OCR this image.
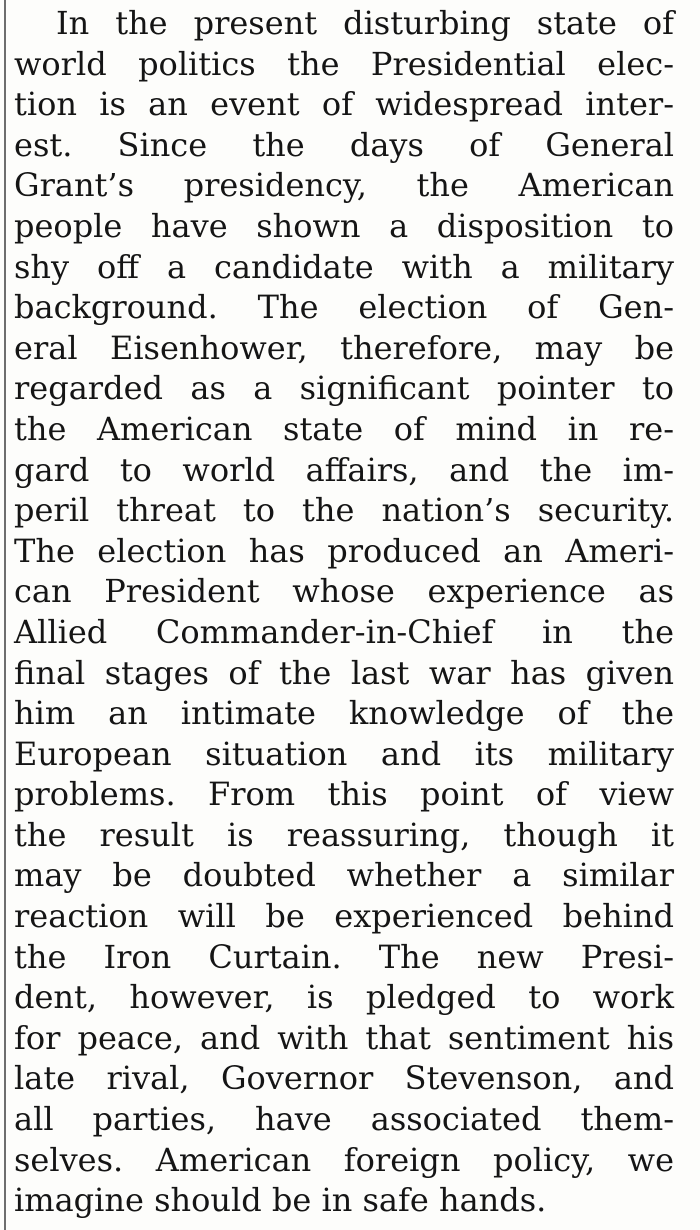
In the present disturbing state of
world politics the Presidential elec-
tion is an event of widespread inter-
est. Since the days of General
Grant’s presidency, the American
people have shown a disposition to
shy off a candidate with a military
background. The election of Gen-
eral Eisenhower, therefore, may be
regarded as a significant pointer to
the American state of mind in re-
gard to world affairs, and the im-
peril threat to the nation’s security.
The election has produced an Ameri-
can President whose experience as
Allied Commander-in-Chief in the
final stages of the last war has given
him an intimate knowledge of the
European situation and its military
problems. From this point of view
the result is reassuring, though it
may be doubted whether a similar
reaction will be experienced behind
the Iron Curtain. The new Presi-
dent, however, is pledged to work
for peace, and with that sentiment his
late rival, Governor Stevenson, and
all parties, have associated them-
selves. American foreign policy, we
imagine should be in safe hands.
